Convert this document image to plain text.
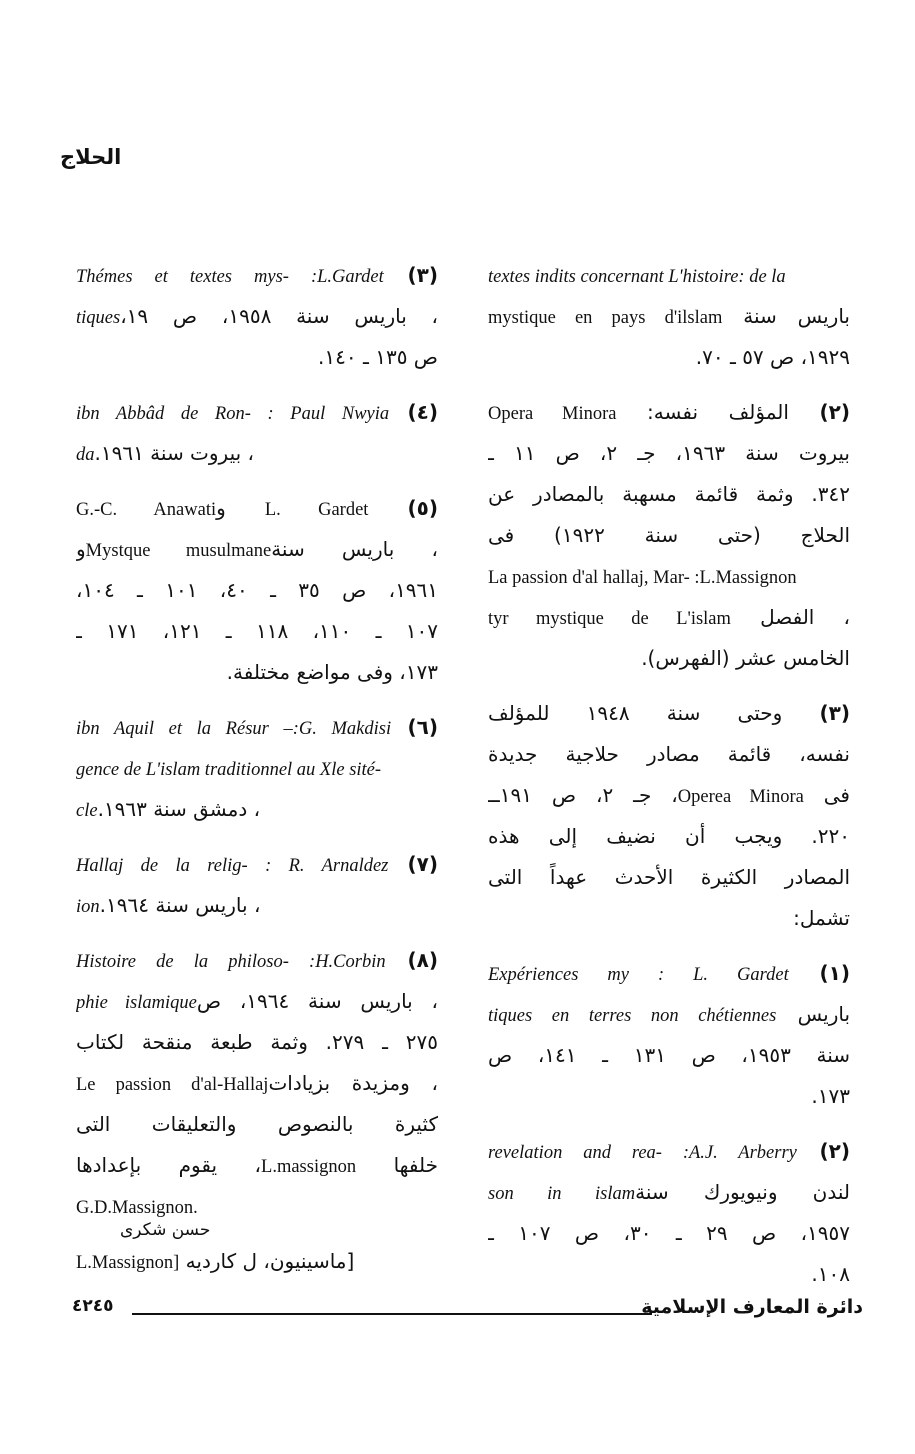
الحلاج
textes indits concernant L'histoire: de la
باريس سنة mystique en pays d'ilslam
١٩٢٩، ص ٥٧ ـ ٧٠.
(٢) المؤلف نفسه: Opera Minora
بيروت سنة ١٩٦٣، جـ ٢، ص ١١ ـ
٣٤٢. وثمة قائمة مسهبة بالمصادر عن
الحلاج (حتى سنة ١٩٢٢) فى
La passion d'al hallaj, Mar- :L.Massignon
، الفصل tyr mystique de L'islam
الخامس عشر (الفهرس).
(٣) وحتى سنة ١٩٤٨ للمؤلف
نفسه، قائمة مصادر حلاجية جديدة
فى Operea Minora، جـ ٢، ص ١٩١ــ
٢٢٠. ويجب أن نضيف إلى هذه
المصادر الكثيرة الأحدث عهداً التى
تشمل:
(١) Expériences my : L. Gardet
باريس tiques en terres non chétiennes
سنة ١٩٥٣، ص ١٣١ ـ ١٤١، ص
١٧٣.
(٢) revelation and rea- :A.J. Arberry
لندن ونيويورك سنةson in islam
١٩٥٧، ص ٢٩ ـ ٣٠، ص ١٠٧ ـ
١٠٨.
(٣) Thémes et textes mys- :L.Gardet
، باريس سنة ١٩٥٨، ص ١٩،tiques
ص ١٣٥ ـ ١٤٠.
(٤) ibn Abbâd de Ron- : Paul Nwyia
، بيروت سنة ١٩٦١.da
(٥) L. Gardet وG.-C. Anawati
، باريس سنةMystque musulmaneو
١٩٦١، ص ٣٥ ـ ٤٠، ١٠١ ـ ١٠٤،
١٠٧ ـ ١١٠، ١١٨ ـ ١٢١، ١٧١ ـ
١٧٣، وفى مواضع مختلفة.
(٦) ibn Aquil et la Résur –:G. Makdisi
gence de L'islam traditionnel au Xle sité-
، دمشق سنة ١٩٦٣.cle
(٧) Hallaj de la relig- : R. Arnaldez
، باريس سنة ١٩٦٤.ion
(٨) Histoire de la philoso- :H.Corbin
، باريس سنة ١٩٦٤، صphie islamique
٢٧٥ ـ ٢٧٩. وثمة طبعة منقحة لكتاب
، ومزيدة بزياداتLe passion d'al-Hallaj
كثيرة بالنصوص والتعليقات التى
خلفها L.massignon، يقوم بإعدادها
G.D.Massignon.
[ماسينيون، ل كارديه L.Massignon]
حسن شكرى
دائرة المعارف الإسلامية
٤٢٤٥
